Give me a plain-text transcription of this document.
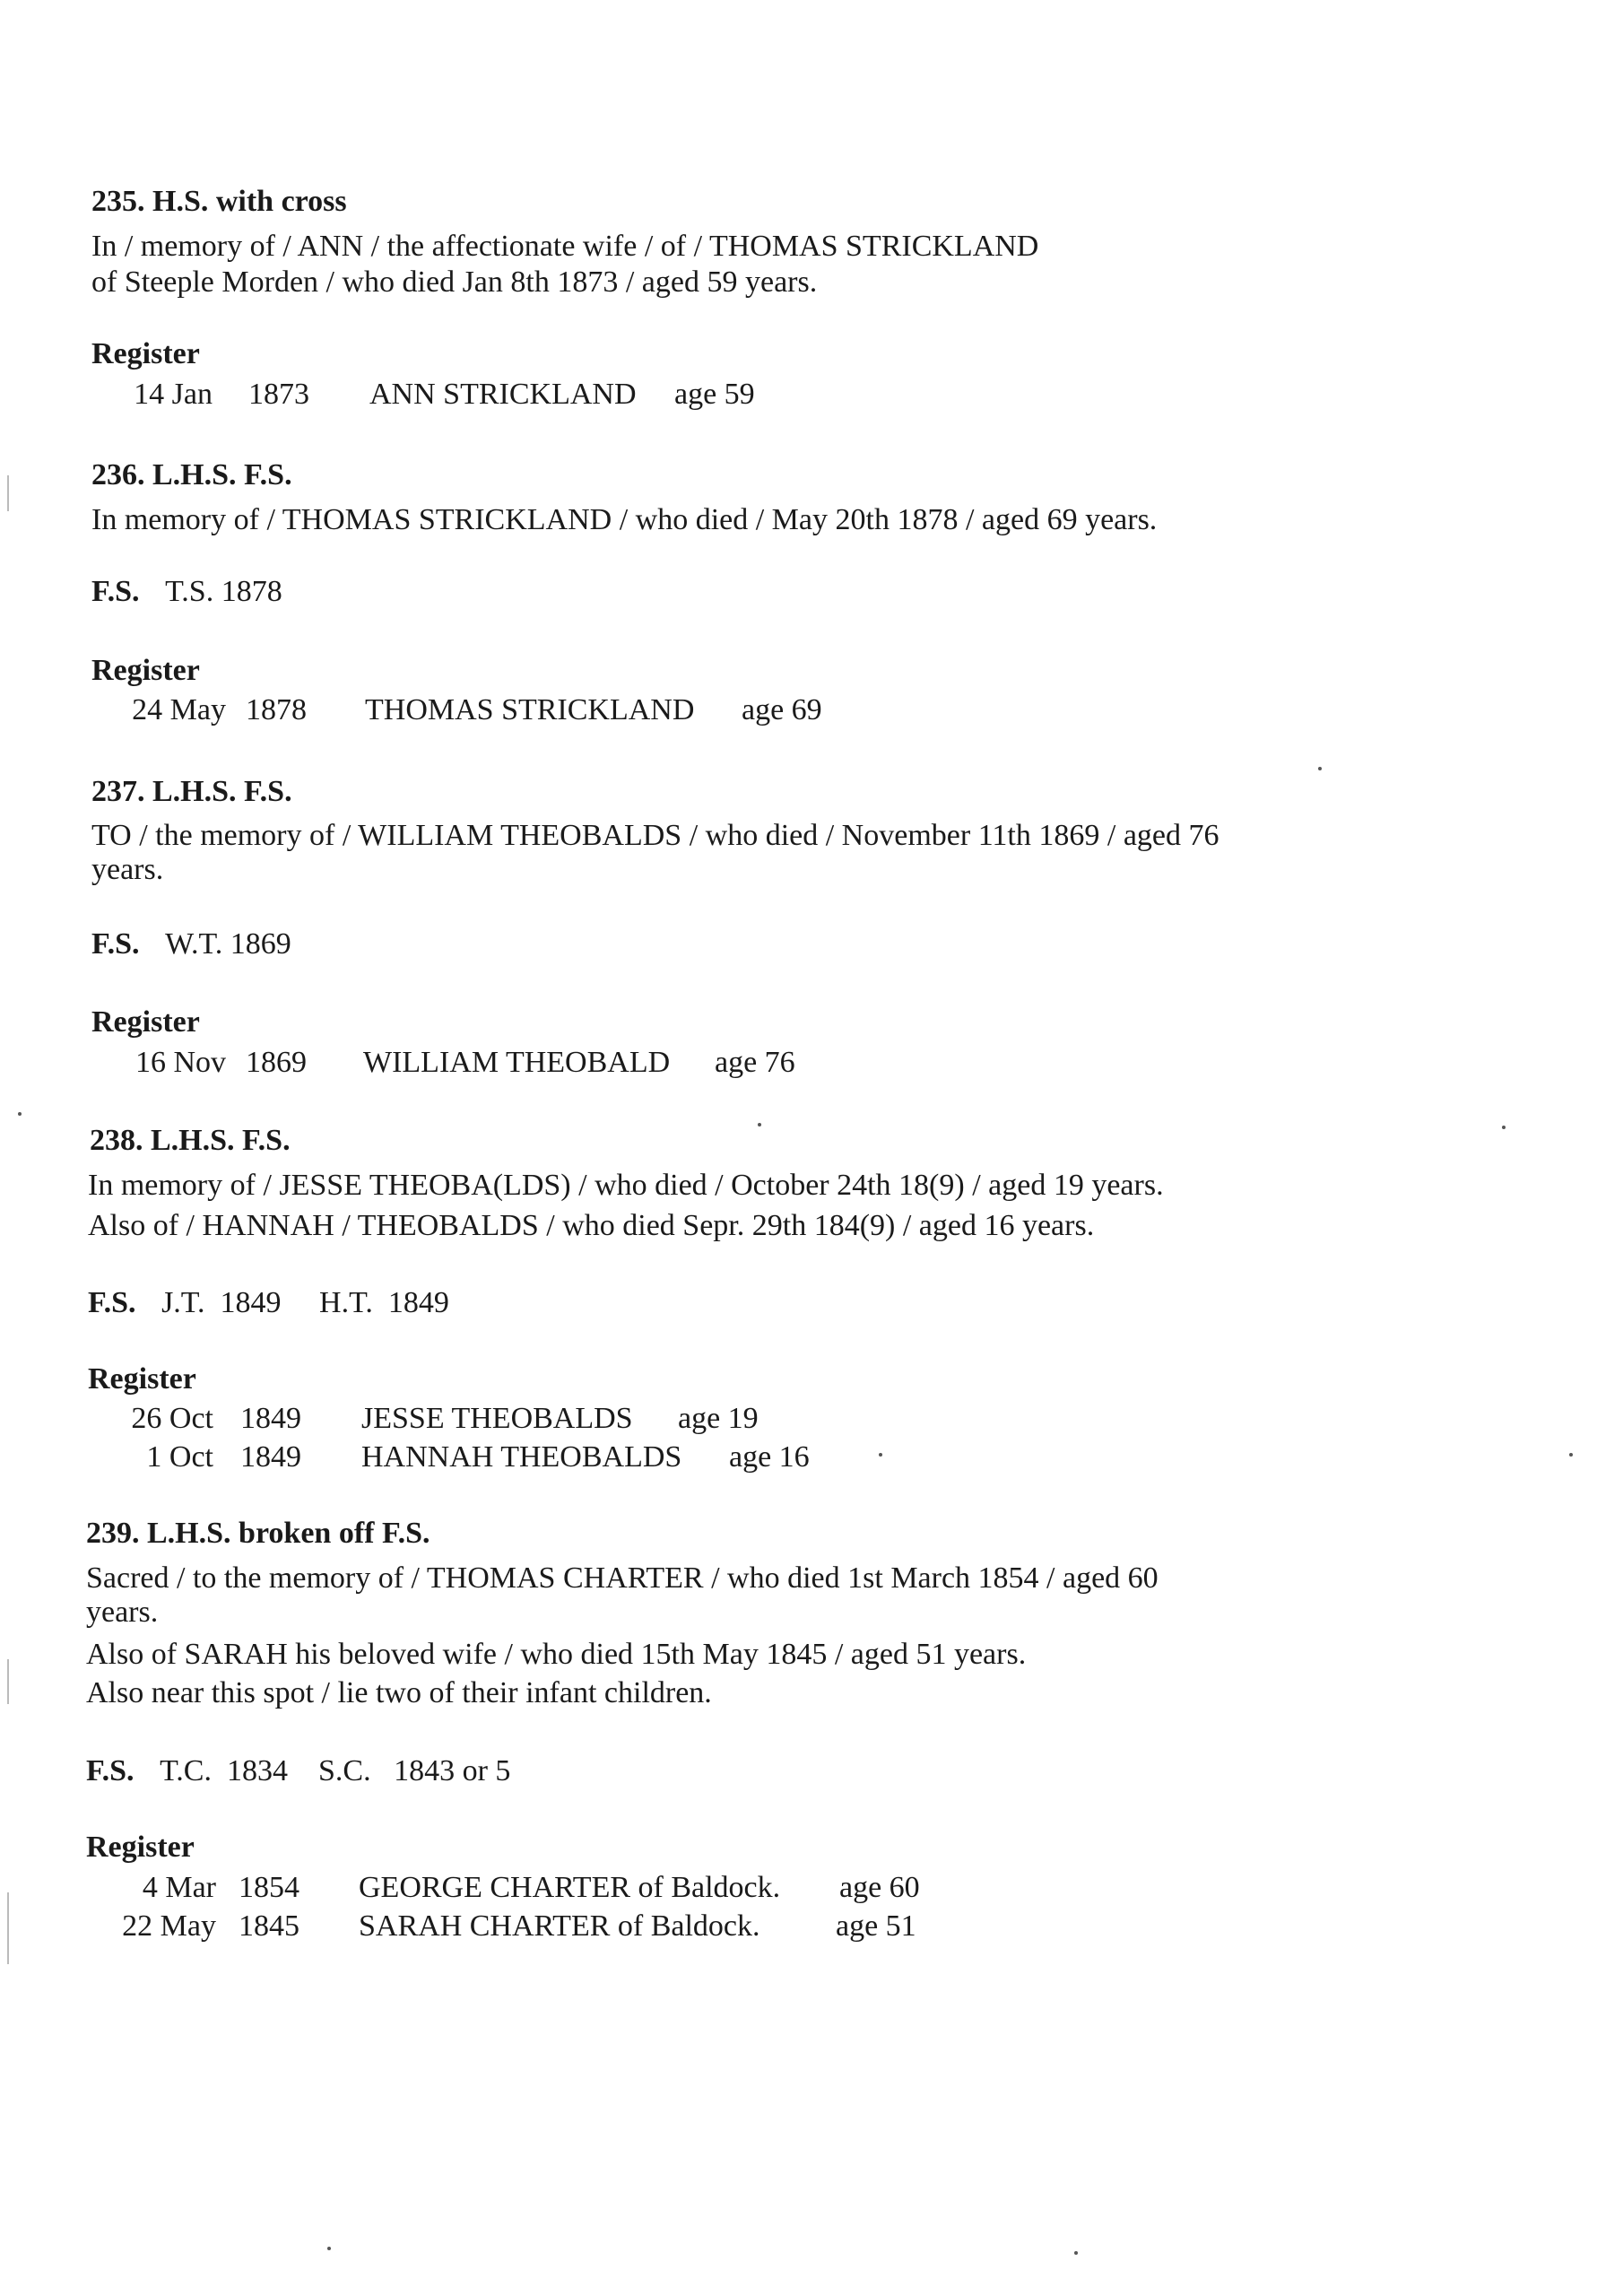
235. H.S. with cross
In / memory of / ANN / the affectionate wife / of / THOMAS STRICKLAND
of Steeple Morden / who died Jan 8th 1873 / aged 59 years.
Register
14 Jan 1873 ANN STRICKLAND age 59
236. L.H.S. F.S.
In memory of / THOMAS STRICKLAND / who died / May 20th 1878 / aged 69 years.
F.S. T.S. 1878
Register
24 May 1878 THOMAS STRICKLAND age 69
237. L.H.S. F.S.
TO / the memory of / WILLIAM THEOBALDS / who died / November 11th 1869 / aged 76
years.
F.S. W.T. 1869
Register
16 Nov 1869 WILLIAM THEOBALD age 76
238. L.H.S. F.S.
In memory of / JESSE THEOBA(LDS) / who died / October 24th 18(9) / aged 19 years.
Also of / HANNAH / THEOBALDS / who died Sepr. 29th 184(9) / aged 16 years.
F.S. J.T.  1849     H.T.  1849
Register
26 Oct 1849 JESSE THEOBALDS age 19
1 Oct 1849 HANNAH THEOBALDS age 16
239. L.H.S. broken off F.S.
Sacred / to the memory of / THOMAS CHARTER / who died 1st March 1854 / aged 60
years.
Also of SARAH his beloved wife / who died 15th May 1845 / aged 51 years.
Also near this spot / lie two of their infant children.
F.S. T.C.  1834    S.C.   1843 or 5
Register
4 Mar 1854 GEORGE CHARTER of Baldock. age 60
22 May 1845 SARAH CHARTER of Baldock. age 51
